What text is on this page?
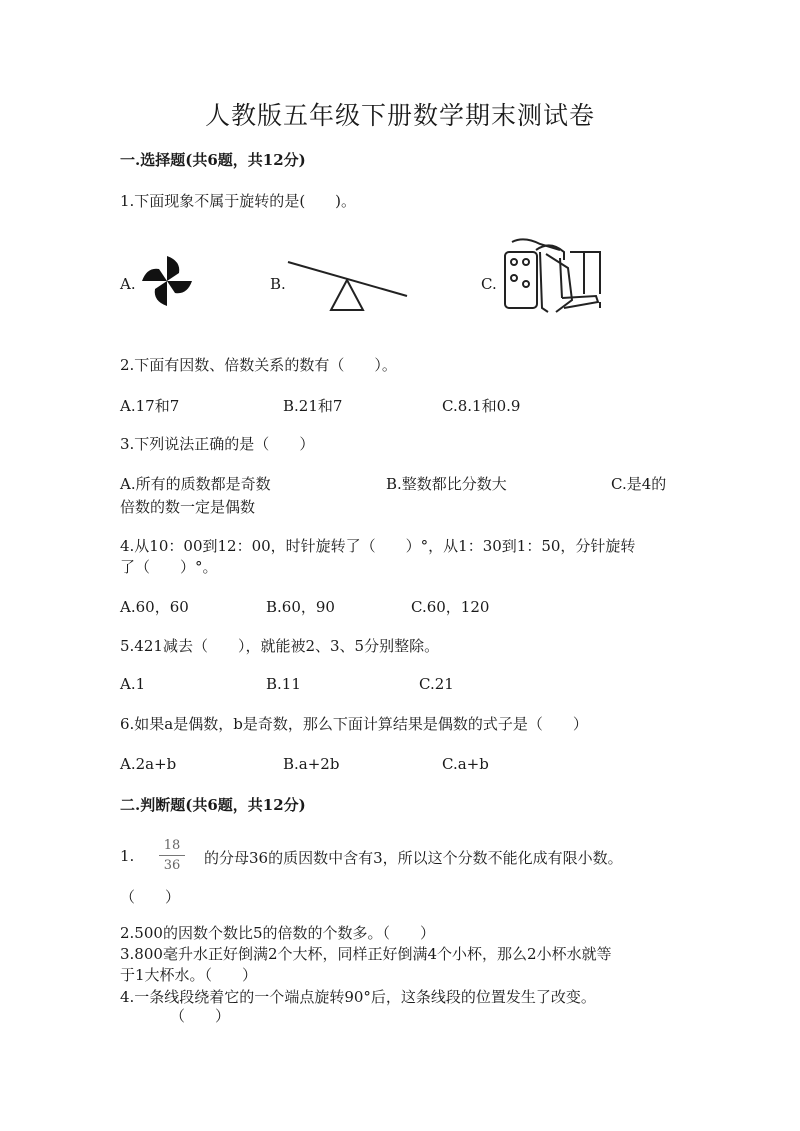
人教版五年级下册数学期末测试卷
一.选择题(共6题，共12分)
1.下面现象不属于旋转的是(　　)。
A.	B.	C.
2.下面有因数、倍数关系的数有（　　）。
A.17和7	B.21和7	C.8.1和0.9
3.下列说法正确的是（　　）
A.所有的质数都是奇数	B.整数都比分数大	C.是4的
倍数的数一定是偶数
4.从10：00到12：00，时针旋转了（　　）°，从1：30到1：50，分针旋转
了（　　）°。
A.60，60	B.60，90	C.60，120
5.421减去（　　），就能被2、3、5分别整除。
A.1	B.11	C.21
6.如果a是偶数，b是奇数，那么下面计算结果是偶数的式子是（　　）
A.2a+b	B.a+2b	C.a+b
二.判断题(共6题，共12分)
1.
18
36	的分母36的质因数中含有3，所以这个分数不能化成有限小数。
（　　）
2.500的因数个数比5的倍数的个数多。（　　）
3.800毫升水正好倒满2个大杯，同样正好倒满4个小杯，那么2小杯水就等
于1大杯水。（　　）
4.一条线段绕着它的一个端点旋转90°后，这条线段的位置发生了改变。
（　　）
